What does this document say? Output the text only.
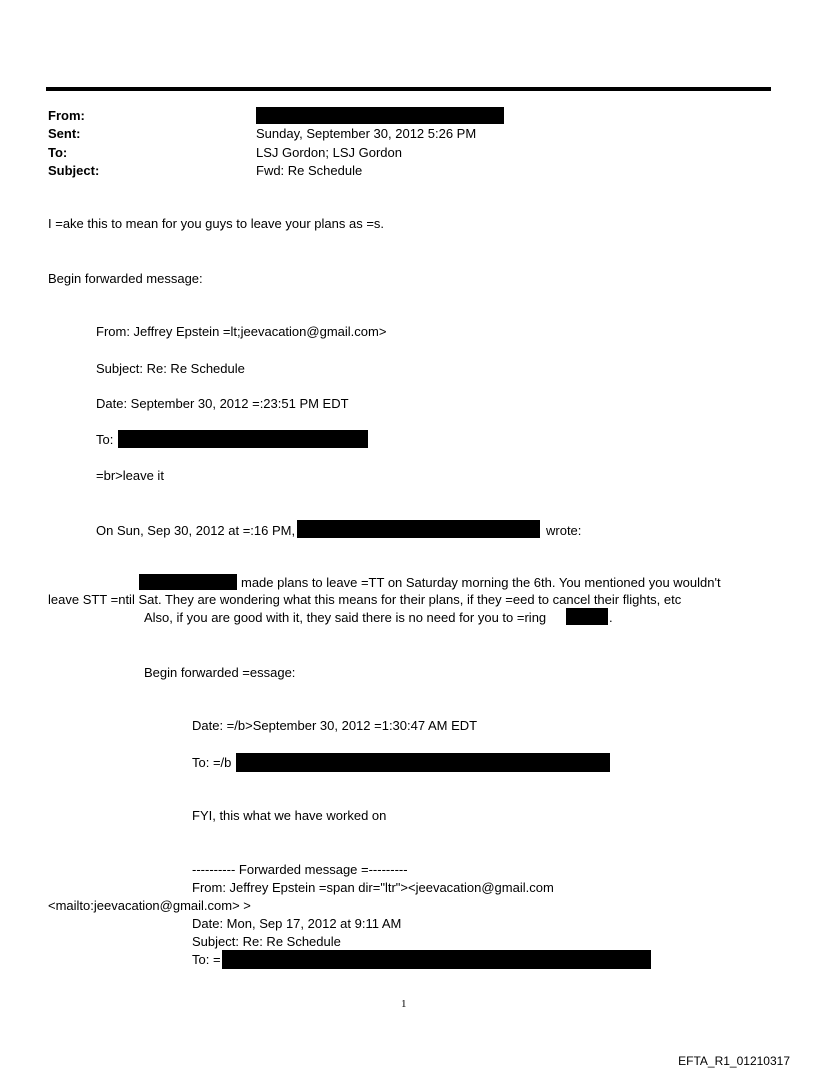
From:
Sent:	Sunday, September 30, 2012 5:26 PM
To:	LSJ Gordon; LSJ Gordon
Subject:	Fwd: Re Schedule
I =ake this to mean for you guys to leave your plans as =s.
Begin forwarded message:
From: Jeffrey Epstein =lt;jeevacation@gmail.com>
Subject: Re: Re Schedule
Date: September 30, 2012 =:23:51 PM EDT
To:
=br>leave it
On Sun, Sep 30, 2012 at =:16 PM,	wrote:
made plans to leave =TT on Saturday morning the 6th. You mentioned you wouldn't
leave STT =ntil Sat. They are wondering what this means for their plans, if they =eed to cancel their flights, etc
Also, if you are good with it, they said there is no need for you to =ring	.
Begin forwarded =essage:
Date: =/b>September 30, 2012 =1:30:47 AM EDT
To: =/b
FYI, this what we have worked on
---------- Forwarded message =---------
From: Jeffrey Epstein =span dir="ltr"><jeevacation@gmail.com
<mailto:jeevacation@gmail.com> >
Date: Mon, Sep 17, 2012 at 9:11 AM
Subject: Re: Re Schedule
To: =
1
EFTA_R1_01210317
